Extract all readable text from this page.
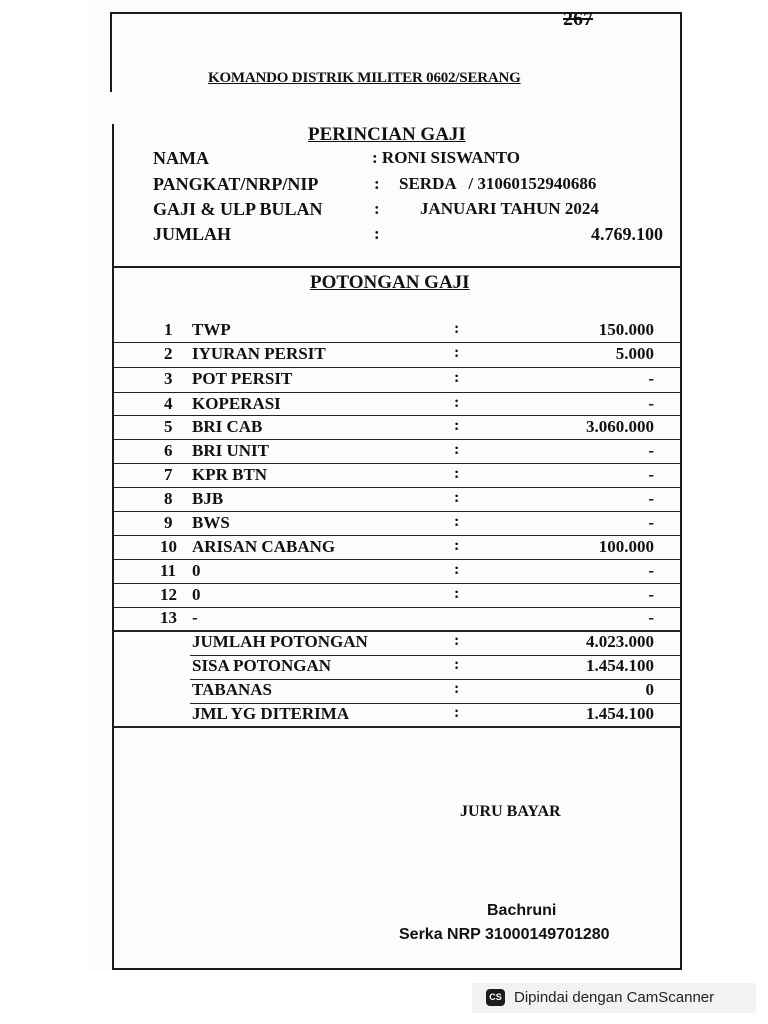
267
KOMANDO DISTRIK MILITER 0602/SERANG
PERINCIAN GAJI
NAMA	: RONI SISWANTO
PANGKAT/NRP/NIP	: SERDA   / 31060152940686
GAJI & ULP BULAN	: JANUARI TAHUN 2024
JUMLAH	:	4.769.100
POTONGAN GAJI
1	TWP	:	150.000
2	IYURAN PERSIT	:	5.000
3	POT PERSIT	:	-
4	KOPERASI	:	-
5	BRI CAB	:	3.060.000
6	BRI UNIT	:	-
7	KPR BTN	:	-
8	BJB	:	-
9	BWS	:	-
10 ARISAN CABANG	:	100.000
11 0	:	-
12 0	:	-
13 -	-
JUMLAH POTONGAN	:	4.023.000
SISA POTONGAN	:	1.454.100
TABANAS	:	0
JML YG DITERIMA	:	1.454.100
JURU BAYAR
Bachruni
Serka NRP 31000149701280
CS Dipindai dengan CamScanner
